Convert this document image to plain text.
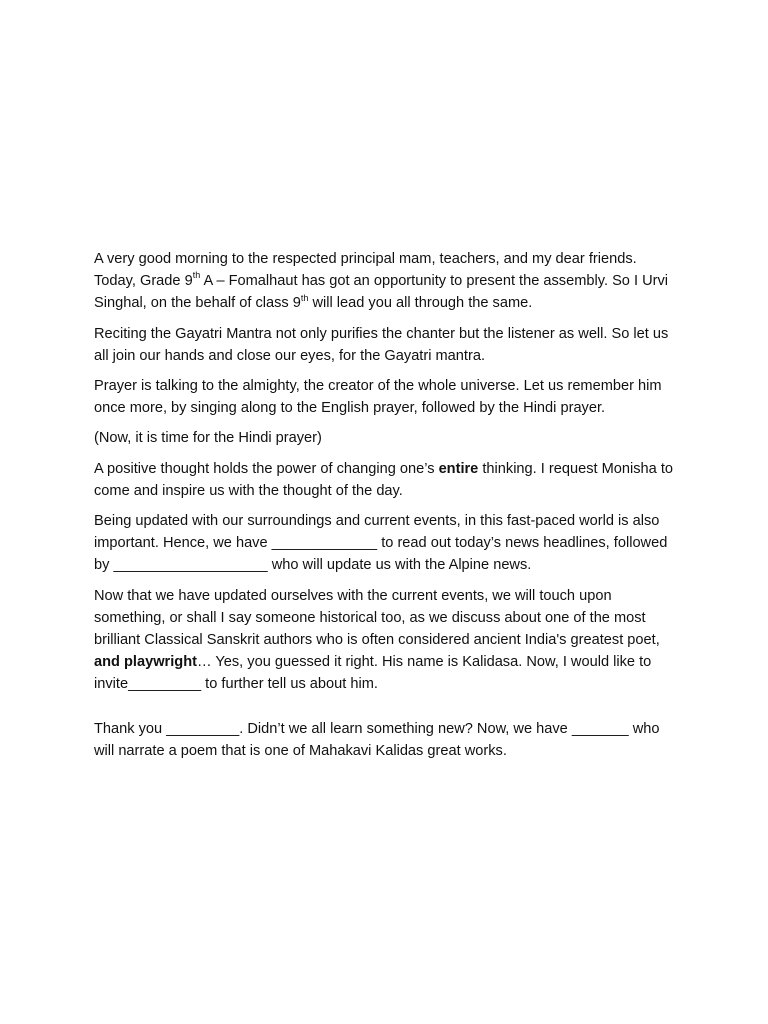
A very good morning to the respected principal mam, teachers, and my dear friends. Today, Grade 9th A – Fomalhaut has got an opportunity to present the assembly. So I Urvi Singhal, on the behalf of class 9th will lead you all through the same.

Reciting the Gayatri Mantra not only purifies the chanter but the listener as well. So let us all join our hands and close our eyes, for the Gayatri mantra.

Prayer is talking to the almighty, the creator of the whole universe. Let us remember him once more, by singing along to the English prayer, followed by the Hindi prayer.

(Now, it is time for the Hindi prayer)

A positive thought holds the power of changing one’s entire thinking. I request Monisha to come and inspire us with the thought of the day.

Being updated with our surroundings and current events, in this fast-paced world is also important. Hence, we have _____________ to read out today’s news headlines, followed by ___________________ who will update us with the Alpine news.

Now that we have updated ourselves with the current events, we will touch upon something, or shall I say someone historical too, as we discuss about one of the most brilliant Classical Sanskrit authors who is often considered ancient India's greatest poet, and playwright… Yes, you guessed it right. His name is Kalidasa. Now, I would like to invite_________ to further tell us about him.

Thank you _________. Didn’t we all learn something new? Now, we have _______ who will narrate a poem that is one of Mahakavi Kalidas great works.
